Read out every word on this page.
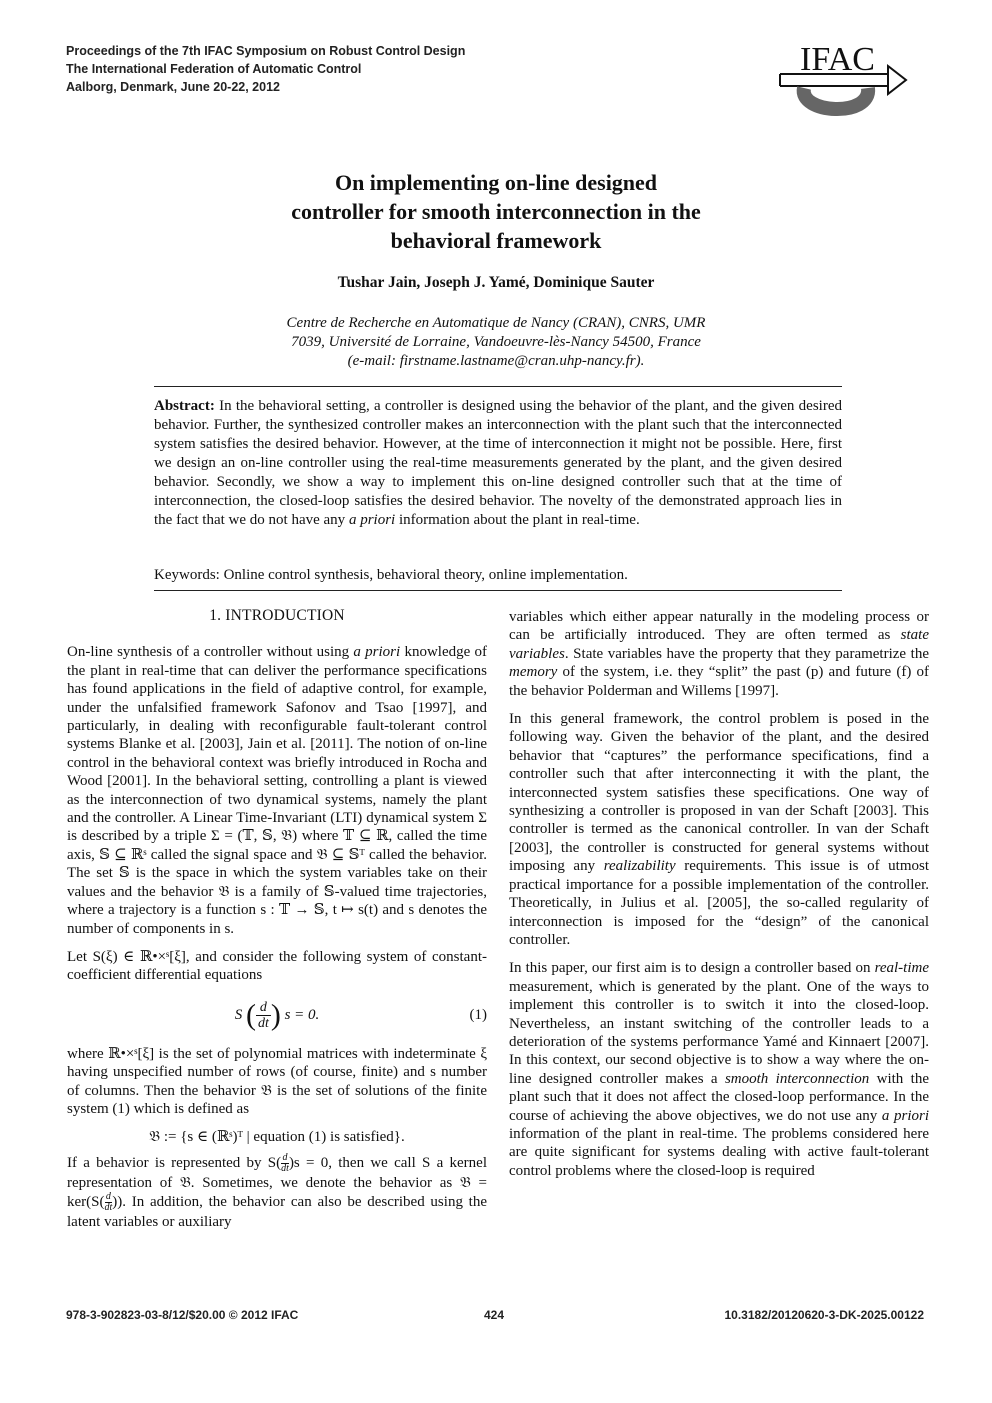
Proceedings of the 7th IFAC Symposium on Robust Control Design
The International Federation of Automatic Control
Aalborg, Denmark, June 20-22, 2012
IFAC
On implementing on-line designed
controller for smooth interconnection in the
behavioral framework
Tushar Jain, Joseph J. Yamé, Dominique Sauter
Centre de Recherche en Automatique de Nancy (CRAN), CNRS, UMR
7039, Université de Lorraine, Vandoeuvre-lès-Nancy 54500, France
(e-mail: firstname.lastname@cran.uhp-nancy.fr).
Abstract: In the behavioral setting, a controller is designed using the behavior of the plant, and the given desired behavior. Further, the synthesized controller makes an interconnection with the plant such that the interconnected system satisfies the desired behavior. However, at the time of interconnection it might not be possible. Here, first we design an on-line controller using the real-time measurements generated by the plant, and the given desired behavior. Secondly, we show a way to implement this on-line designed controller such that at the time of interconnection, the closed-loop satisfies the desired behavior. The novelty of the demonstrated approach lies in the fact that we do not have any a priori information about the plant in real-time.
Keywords: Online control synthesis, behavioral theory, online implementation.
1. INTRODUCTION

On-line synthesis of a controller without using a priori knowledge of the plant in real-time that can deliver the performance specifications has found applications in the field of adaptive control, for example, under the unfalsified framework Safonov and Tsao [1997], and particularly, in dealing with reconfigurable fault-tolerant control systems Blanke et al. [2003], Jain et al. [2011]. The notion of on-line control in the behavioral context was briefly introduced in Rocha and Wood [2001]. In the behavioral setting, controlling a plant is viewed as the interconnection of two dynamical systems, namely the plant and the controller. A Linear Time-Invariant (LTI) dynamical system Σ is described by a triple Σ = (𝕋, 𝕊, 𝔅) where 𝕋 ⊆ ℝ, called the time axis, 𝕊 ⊆ ℝˢ called the signal space and 𝔅 ⊆ 𝕊ᵀ called the behavior. The set 𝕊 is the space in which the system variables take on their values and the behavior 𝔅 is a family of 𝕊-valued time trajectories, where a trajectory is a function s : 𝕋 → 𝕊, t ↦ s(t) and s denotes the number of components in s.

Let S(ξ) ∈ ℝ•×ˢ[ξ], and consider the following system of constant-coefficient differential equations

S ( $\frac{d}{dt}$ ) s = 0.	(1)

where ℝ•×ˢ[ξ] is the set of polynomial matrices with indeterminate ξ having unspecified number of rows (of course, finite) and s number of columns. Then the behavior 𝔅 is the set of solutions of the finite system (1) which is defined as

𝔅 := {s ∈ (ℝˢ)ᵀ | equation (1) is satisfied}.

If a behavior is represented by $S( \frac{d}{dt})s = 0$, then we call S a kernel representation of 𝔅. Sometimes, we denote the behavior as 𝔅 = $ker(S( \frac{d}{dt}))$. In addition, the behavior can also be described using the latent variables or auxiliary

variables which either appear naturally in the modeling process or can be artificially introduced. They are often termed as state variables. State variables have the property that they parametrize the memory of the system, i.e. they “split” the past (p) and future (f) of the behavior Polderman and Willems [1997].

In this general framework, the control problem is posed in the following way. Given the behavior of the plant, and the desired behavior that “captures” the performance specifications, find a controller such that after interconnecting it with the plant, the interconnected system satisfies these specifications. One way of synthesizing a controller is proposed in van der Schaft [2003]. This controller is termed as the canonical controller. In van der Schaft [2003], the controller is constructed for general systems without imposing any realizability requirements. This issue is of utmost practical importance for a possible implementation of the controller. Theoretically, in Julius et al. [2005], the so-called regularity of interconnection is imposed for the “design” of the canonical controller.

In this paper, our first aim is to design a controller based on real-time measurement, which is generated by the plant. One of the ways to implement this controller is to switch it into the closed-loop. Nevertheless, an instant switching of the controller leads to a deterioration of the systems performance Yamé and Kinnaert [2007]. In this context, our second objective is to show a way where the on-line designed controller makes a smooth interconnection with the plant such that it does not affect the closed-loop performance. In the course of achieving the above objectives, we do not use any a priori information of the plant in real-time. The problems considered here are quite significant for systems dealing with active fault-tolerant control problems where the closed-loop is required

978-3-902823-03-8/12/$20.00 © 2012 IFAC	424	10.3182/20120620-3-DK-2025.00122
